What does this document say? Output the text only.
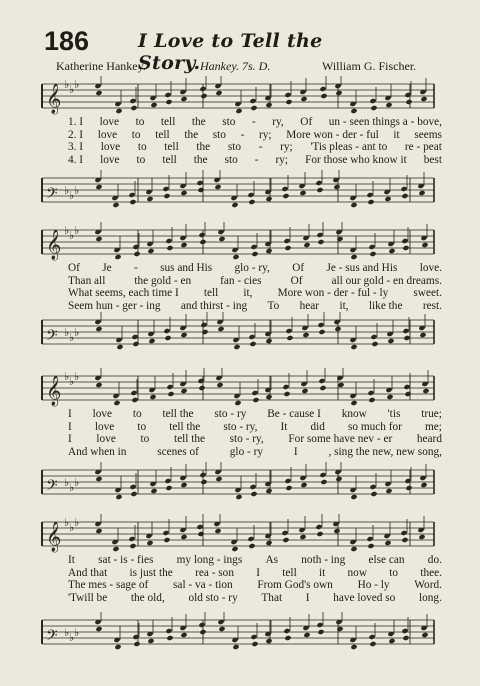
186	I Love to Tell the Story.
Katherine Hankey.	Hankey. 7s. D.	William G. Fischer.
𝄞 ♭ ♭ ♭
1. I love to tell the sto - ry, Of un - seen things a - bove,
2. I love to tell the sto - ry; More won - der - ful it seems
3. I love to tell the sto - ry; 'Tis pleas - ant to re - peat
4. I love to tell the sto - ry; For those who know it best
𝄢 ♭ ♭ ♭
𝄞 ♭ ♭ ♭
Of Je - sus and His glo - ry, Of Je - sus and His love.
Than all	the gold - en	fan - cies	Of	all our gold - en dreams.
What seems, each time I tell it, More won - der - ful - ly sweet.
Seem hun - ger - ing and thirst - ing To hear it, like the rest.
𝄢 ♭ ♭ ♭
𝄞 ♭ ♭ ♭
I love to tell the sto - ry Be - cause I know 'tis true;
I love to tell the sto - ry, It did so much for me;
I love to tell the sto - ry, For some have nev - er heard
And when in	scenes of	glo - ry	I	, sing the new, new song,
𝄢 ♭ ♭ ♭
𝄞 ♭ ♭ ♭
It sat - is - fies my long - ings As noth - ing else can do.
And that is just the rea - son I tell it now to thee.
The mes - sage of sal - va - tion From God's own Ho - ly Word.
'Twill be the old, old sto - ry That I have loved so long.
𝄢 ♭ ♭ ♭
